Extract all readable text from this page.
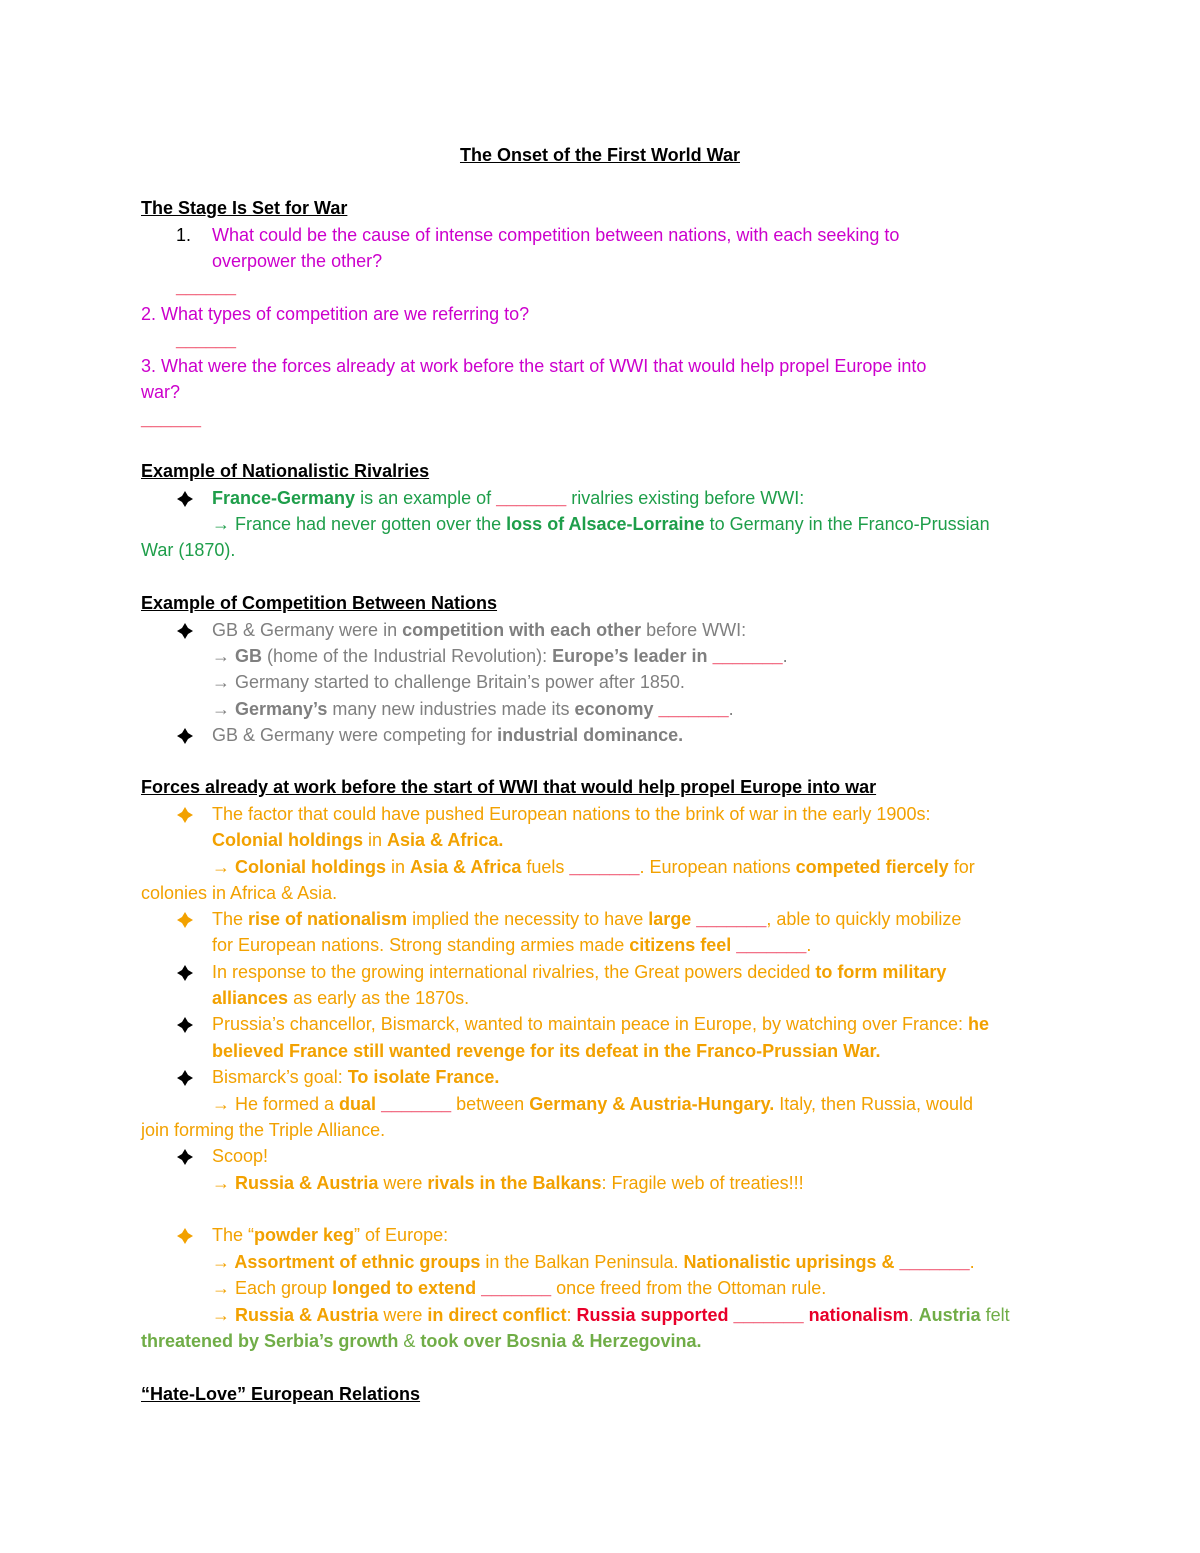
The Onset of the First World War
The Stage Is Set for War
1. What could be the cause of intense competition between nations, with each seeking to
overpower the other?
______
2. What types of competition are we referring to?
______
3. What were the forces already at work before the start of WWI that would help propel Europe into
war?
______
Example of Nationalistic Rivalries
France-Germany is an example of _______ rivalries existing before WWI:
→ France had never gotten over the loss of Alsace-Lorraine to Germany in the Franco-Prussian
War (1870).
Example of Competition Between Nations
GB & Germany were in competition with each other before WWI:
→ GB (home of the Industrial Revolution): Europe’s leader in _______.
→ Germany started to challenge Britain’s power after 1850.
→ Germany’s many new industries made its economy _______.
GB & Germany were competing for industrial dominance.
Forces already at work before the start of WWI that would help propel Europe into war
The factor that could have pushed European nations to the brink of war in the early 1900s:
Colonial holdings in Asia & Africa.
→ Colonial holdings in Asia & Africa fuels _______. European nations competed fiercely for
colonies in Africa & Asia.
The rise of nationalism implied the necessity to have large _______, able to quickly mobilize
for European nations. Strong standing armies made citizens feel _______.
In response to the growing international rivalries, the Great powers decided to form military
alliances as early as the 1870s.
Prussia’s chancellor, Bismarck, wanted to maintain peace in Europe, by watching over France: he
believed France still wanted revenge for its defeat in the Franco-Prussian War.
Bismarck’s goal: To isolate France.
→ He formed a dual _______ between Germany & Austria-Hungary. Italy, then Russia, would
join forming the Triple Alliance.
Scoop!
→ Russia & Austria were rivals in the Balkans: Fragile web of treaties!!!
The “powder keg” of Europe:
→ Assortment of ethnic groups in the Balkan Peninsula. Nationalistic uprisings & _______.
→ Each group longed to extend _______ once freed from the Ottoman rule.
→ Russia & Austria were in direct conflict: Russia supported _______ nationalism. Austria felt
threatened by Serbia’s growth & took over Bosnia & Herzegovina.
“Hate-Love” European Relations
